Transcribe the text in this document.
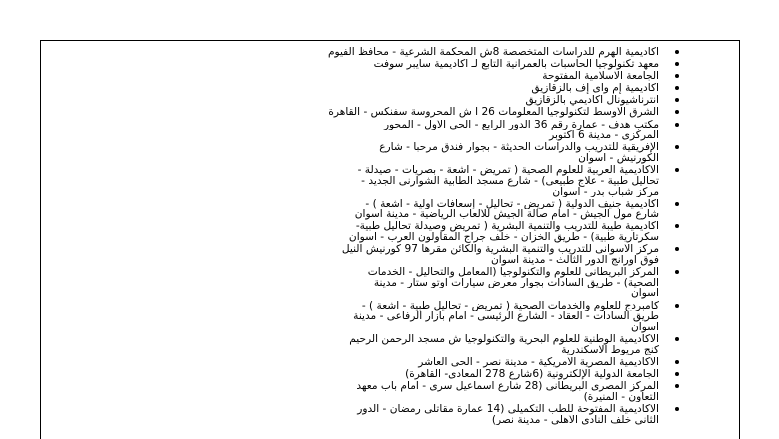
أكاديمية الهرم للدراسات المتخصصة 8ش المحكمة الشرعية - محافظ الفيوم
معهد تكنولوجيا الحاسبات بالعمرانية التابع لـ أكاديمية سايبر سوفت
الجامعة الاسلامية المفتوحة
أكاديمية إم واى إف بالزقازيق
انترناشيونال أكاديمي بالزقازيق
الشرق الأوسط لتكنولوجيا المعلومات 26 أ ش المحروسة سفنكس - القاهرة
مكتب هدف - عمارة رقم 36 الدور الرابع - الحى الأول - المحور
المركزى - مدينة 6 اكتوبر
الإفريقية للتدريب والدراسات الحديثة - بجوار فندق مرحبا - شارع
الكورنيش - أسوان
الأكاديمية العربية للعلوم الصحية ( تمريض - أشعة - بصريات - صيدلة -
تحاليل طبية - علاج طبيعى) - شارع مسجد الطابية الشوارنى الجديد -
مركز شباب بدر - أسوان
أكاديمية جنيف الدولية ( تمريض - تحاليل - إسعافات أولية - أشعة ) -
شارع مول الجيش - أمام صالة الجيش للألعاب الرياضية - مدينة أسوان
أكاديمية طيبة للتدريب والتنمية البشرية ( تمريض وصيدلة تحاليل طبية-
سكرتارية طبية) - طريق الخزان - خلف جراج المقاولون العرب - أسوان
مركز الأسوانى للتدريب والتنمية البشرية والكائن مقرها 97 كورنيش النيل
فوق أورانج الدور الثالث - مدينة أسوان
المركز البريطانى للعلوم والتكنولوجيا (المعامل والتحاليل - الخدمات
الصحية) - طريق السادات بجوار معرض سيارات أوتو ستار - مدينة
أسوان
كامبردج للعلوم والخدمات الصحية ( تمريض - تحاليل طبية - أشعة ) -
طريق السادات - العقاد - الشارع الرئيسى - امام بازار الرفاعى - مدينة
أسوان
الأكاديمية الوطنية للعلوم البحرية والتكنولوجيا ش مسجد الرحمن الرحيم
كنج مريوط الاسكندرية
الأكاديمية المصرية الأمريكية - مدينة نصر - الحى العاشر
الجامعة الدولية الإلكترونية (6شارع 278 المعادى- القاهرة)
المركز المصرى البريطانى (28 شارع اسماعيل سرى - أمام باب معهد
التعاون - المنيرة)
الأكاديمية المفتوحة للطب التكميلى (14 عمارة مقاتلى رمضان - الدور
الثانى خلف النادى الأهلى - مدينة نصر)
